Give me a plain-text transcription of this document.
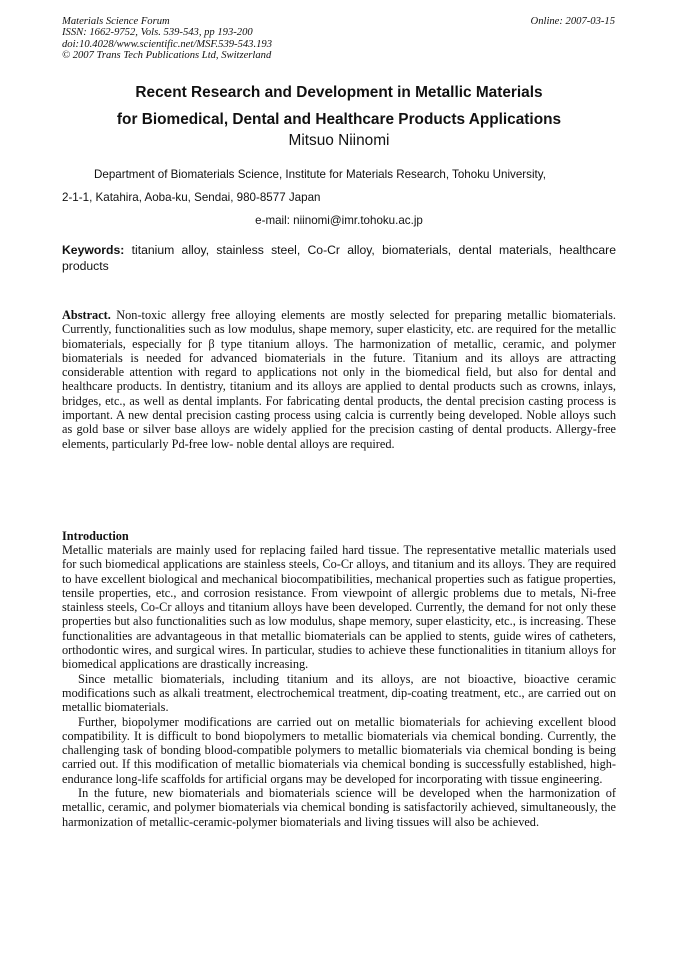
Materials Science Forum
ISSN: 1662-9752, Vols. 539-543, pp 193-200
doi:10.4028/www.scientific.net/MSF.539-543.193
© 2007 Trans Tech Publications Ltd, Switzerland
Online: 2007-03-15
Recent Research and Development in Metallic Materials
for Biomedical, Dental and Healthcare Products Applications
Mitsuo Niinomi
Department of Biomaterials Science, Institute for Materials Research, Tohoku University,
2-1-1, Katahira, Aoba-ku, Sendai, 980-8577 Japan
e-mail: niinomi@imr.tohoku.ac.jp
Keywords: titanium alloy, stainless steel, Co-Cr alloy, biomaterials, dental materials, healthcare products
Abstract. Non-toxic allergy free alloying elements are mostly selected for preparing metallic biomaterials. Currently, functionalities such as low modulus, shape memory, super elasticity, etc. are required for the metallic biomaterials, especially for β type titanium alloys. The harmonization of metallic, ceramic, and polymer biomaterials is needed for advanced biomaterials in the future. Titanium and its alloys are attracting considerable attention with regard to applications not only in the biomedical field, but also for dental and healthcare products. In dentistry, titanium and its alloys are applied to dental products such as crowns, inlays, bridges, etc., as well as dental implants. For fabricating dental products, the dental precision casting process is important. A new dental precision casting process using calcia is currently being developed. Noble alloys such as gold base or silver base alloys are widely applied for the precision casting of dental products. Allergy-free elements, particularly Pd-free low- noble dental alloys are required.
Introduction

Metallic materials are mainly used for replacing failed hard tissue. The representative metallic materials used for such biomedical applications are stainless steels, Co-Cr alloys, and titanium and its alloys. They are required to have excellent biological and mechanical biocompatibilities, mechanical properties such as fatigue properties, tensile properties, etc., and corrosion resistance. From viewpoint of allergic problems due to metals, Ni-free stainless steels, Co-Cr alloys and titanium alloys have been developed. Currently, the demand for not only these properties but also functionalities such as low modulus, shape memory, super elasticity, etc., is increasing. These functionalities are advantageous in that metallic biomaterials can be applied to stents, guide wires of catheters, orthodontic wires, and surgical wires. In particular, studies to achieve these functionalities in titanium alloys for biomedical applications are drastically increasing.

Since metallic biomaterials, including titanium and its alloys, are not bioactive, bioactive ceramic modifications such as alkali treatment, electrochemical treatment, dip-coating treatment, etc., are carried out on metallic biomaterials.

Further, biopolymer modifications are carried out on metallic biomaterials for achieving excellent blood compatibility. It is difficult to bond biopolymers to metallic biomaterials via chemical bonding. Currently, the challenging task of bonding blood-compatible polymers to metallic biomaterials via chemical bonding is being carried out. If this modification of metallic biomaterials via chemical bonding is successfully established, high-endurance long-life scaffolds for artificial organs may be developed for incorporating with tissue engineering.

In the future, new biomaterials and biomaterials science will be developed when the harmonization of metallic, ceramic, and polymer biomaterials via chemical bonding is satisfactorily achieved, simultaneously, the harmonization of metallic-ceramic-polymer biomaterials and living tissues will also be achieved.
